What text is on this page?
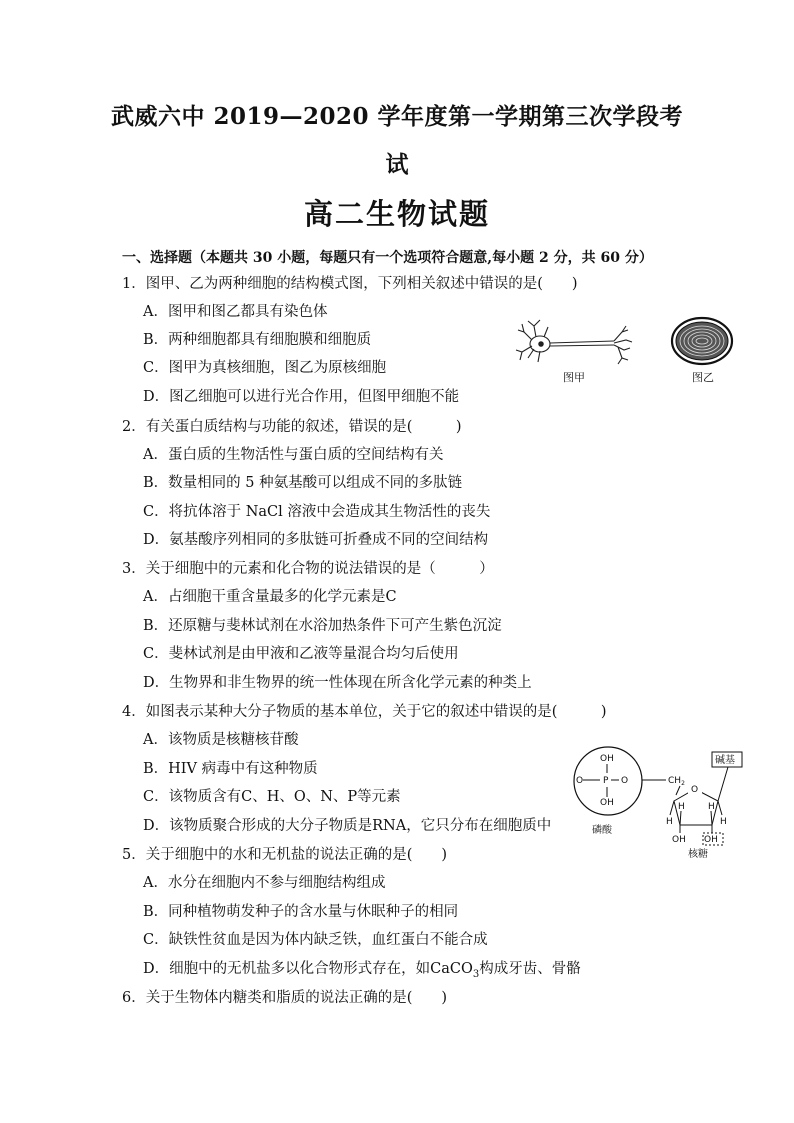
武威六中 2019—2020 学年度第一学期第三次学段考
试
高二生物试题
一、选择题（本题共 30 小题，每题只有一个选项符合题意,每小题 2 分，共 60 分）
1．图甲、乙为两种细胞的结构模式图，下列相关叙述中错误的是(　　)
A．图甲和图乙都具有染色体
B．两种细胞都具有细胞膜和细胞质
C．图甲为真核细胞，图乙为原核细胞
D．图乙细胞可以进行光合作用，但图甲细胞不能
2．有关蛋白质结构与功能的叙述，错误的是(　　　)
A．蛋白质的生物活性与蛋白质的空间结构有关
B．数量相同的 5 种氨基酸可以组成不同的多肽链
C．将抗体溶于 NaCl 溶液中会造成其生物活性的丧失
D．氨基酸序列相同的多肽链可折叠成不同的空间结构
3．关于细胞中的元素和化合物的说法错误的是（　　　）
A．占细胞干重含量最多的化学元素是C
B．还原糖与斐林试剂在水浴加热条件下可产生紫色沉淀
C．斐林试剂是由甲液和乙液等量混合均匀后使用
D．生物界和非生物界的统一性体现在所含化学元素的种类上
4．如图表示某种大分子物质的基本单位，关于它的叙述中错误的是(　　　)
A．该物质是核糖核苷酸
B．HIV 病毒中有这种物质
C．该物质含有C、H、O、N、P等元素
D．该物质聚合形成的大分子物质是RNA，它只分布在细胞质中
5．关于细胞中的水和无机盐的说法正确的是(　　)
A．水分在细胞内不参与细胞结构组成
B．同种植物萌发种子的含水量与休眠种子的相同
C．缺铁性贫血是因为体内缺乏铁，血红蛋白不能合成
D．细胞中的无机盐多以化合物形式存在，如CaCO$_3$构成牙齿、骨骼
6．关于生物体内糖类和脂质的说法正确的是(　　)
图甲	图乙
OH
O P O
OH
$CH_2$
O
碱基
H	H
H	H
OH OH
磷酸
核糖
